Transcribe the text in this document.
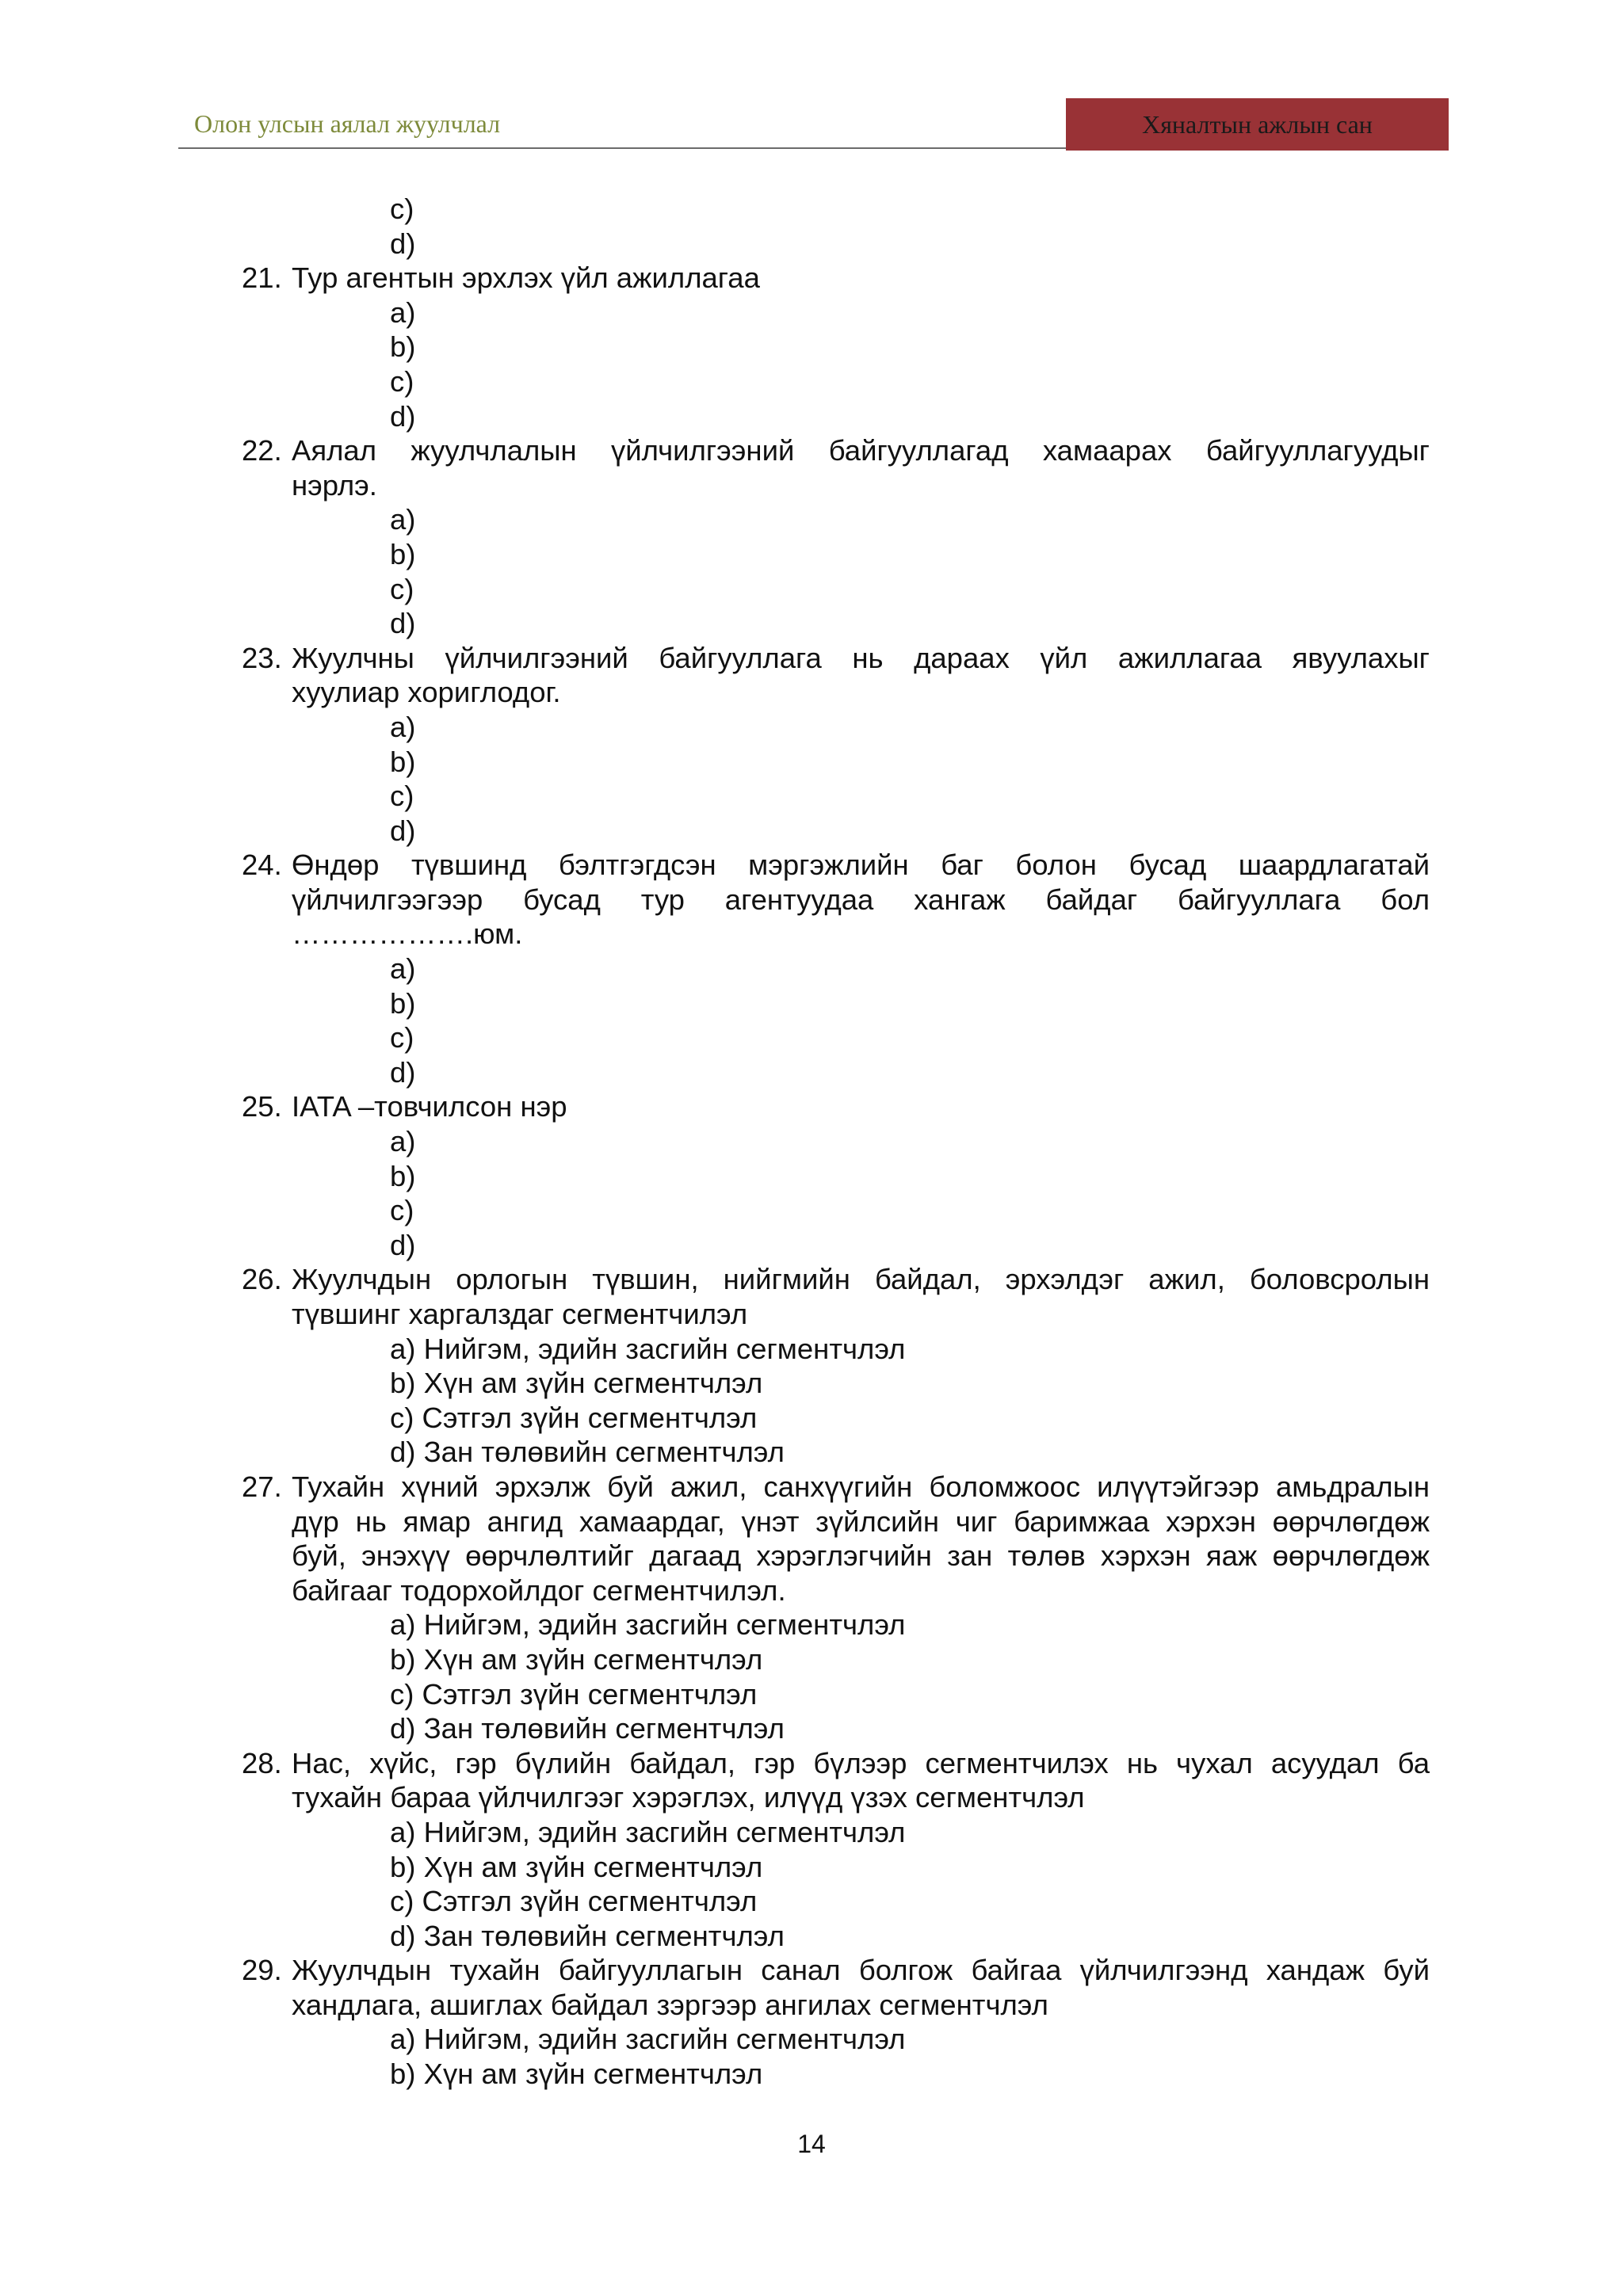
Олон улсын аялал жуулчлал	Хяналтын ажлын сан
c)
d)
21. Тур агентын эрхлэх үйл ажиллагаа
a)
b)
c)
d)
22. Аялал жуулчлалын үйлчилгээний байгууллагад хамаарах байгууллагуудыг
нэрлэ.
a)
b)
c)
d)
23. Жуулчны үйлчилгээний байгууллага нь дараах үйл ажиллагаа явуулахыг
хуулиар хориглодог.
a)
b)
c)
d)
24. Өндөр түвшинд бэлтгэгдсэн мэргэжлийн баг болон бусад шаардлагатай
үйлчилгээгээр бусад тур агентуудаа хангаж байдаг байгууллага бол
……………….юм.
a)
b)
c)
d)
25. IATA –товчилсон нэр
a)
b)
c)
d)
26. Жуулчдын орлогын түвшин, нийгмийн байдал, эрхэлдэг ажил, боловсролын
түвшинг харгалздаг сегментчилэл
a) Нийгэм, эдийн засгийн сегментчлэл
b) Хүн ам зүйн сегментчлэл
c) Сэтгэл зүйн сегментчлэл
d) Зан төлөвийн сегментчлэл
27. Тухайн хүний эрхэлж буй ажил, санхүүгийн боломжоос илүүтэйгээр амьдралын
дүр нь ямар ангид хамаардаг, үнэт зүйлсийн чиг баримжаа хэрхэн өөрчлөгдөж
буй, энэхүү өөрчлөлтийг дагаад хэрэглэгчийн зан төлөв хэрхэн яаж өөрчлөгдөж
байгааг тодорхойлдог сегментчилэл.
a) Нийгэм, эдийн засгийн сегментчлэл
b) Хүн ам зүйн сегментчлэл
c) Сэтгэл зүйн сегментчлэл
d) Зан төлөвийн сегментчлэл
28. Нас, хүйс, гэр бүлийн байдал, гэр бүлээр сегментчилэх нь чухал асуудал ба
тухайн бараа үйлчилгээг хэрэглэх, илүүд үзэх сегментчлэл
a) Нийгэм, эдийн засгийн сегментчлэл
b) Хүн ам зүйн сегментчлэл
c) Сэтгэл зүйн сегментчлэл
d) Зан төлөвийн сегментчлэл
29. Жуулчдын тухайн байгууллагын санал болгож байгаа үйлчилгээнд хандаж буй
хандлага, ашиглах байдал зэргээр ангилах сегментчлэл
a) Нийгэм, эдийн засгийн сегментчлэл
b) Хүн ам зүйн сегментчлэл
14
